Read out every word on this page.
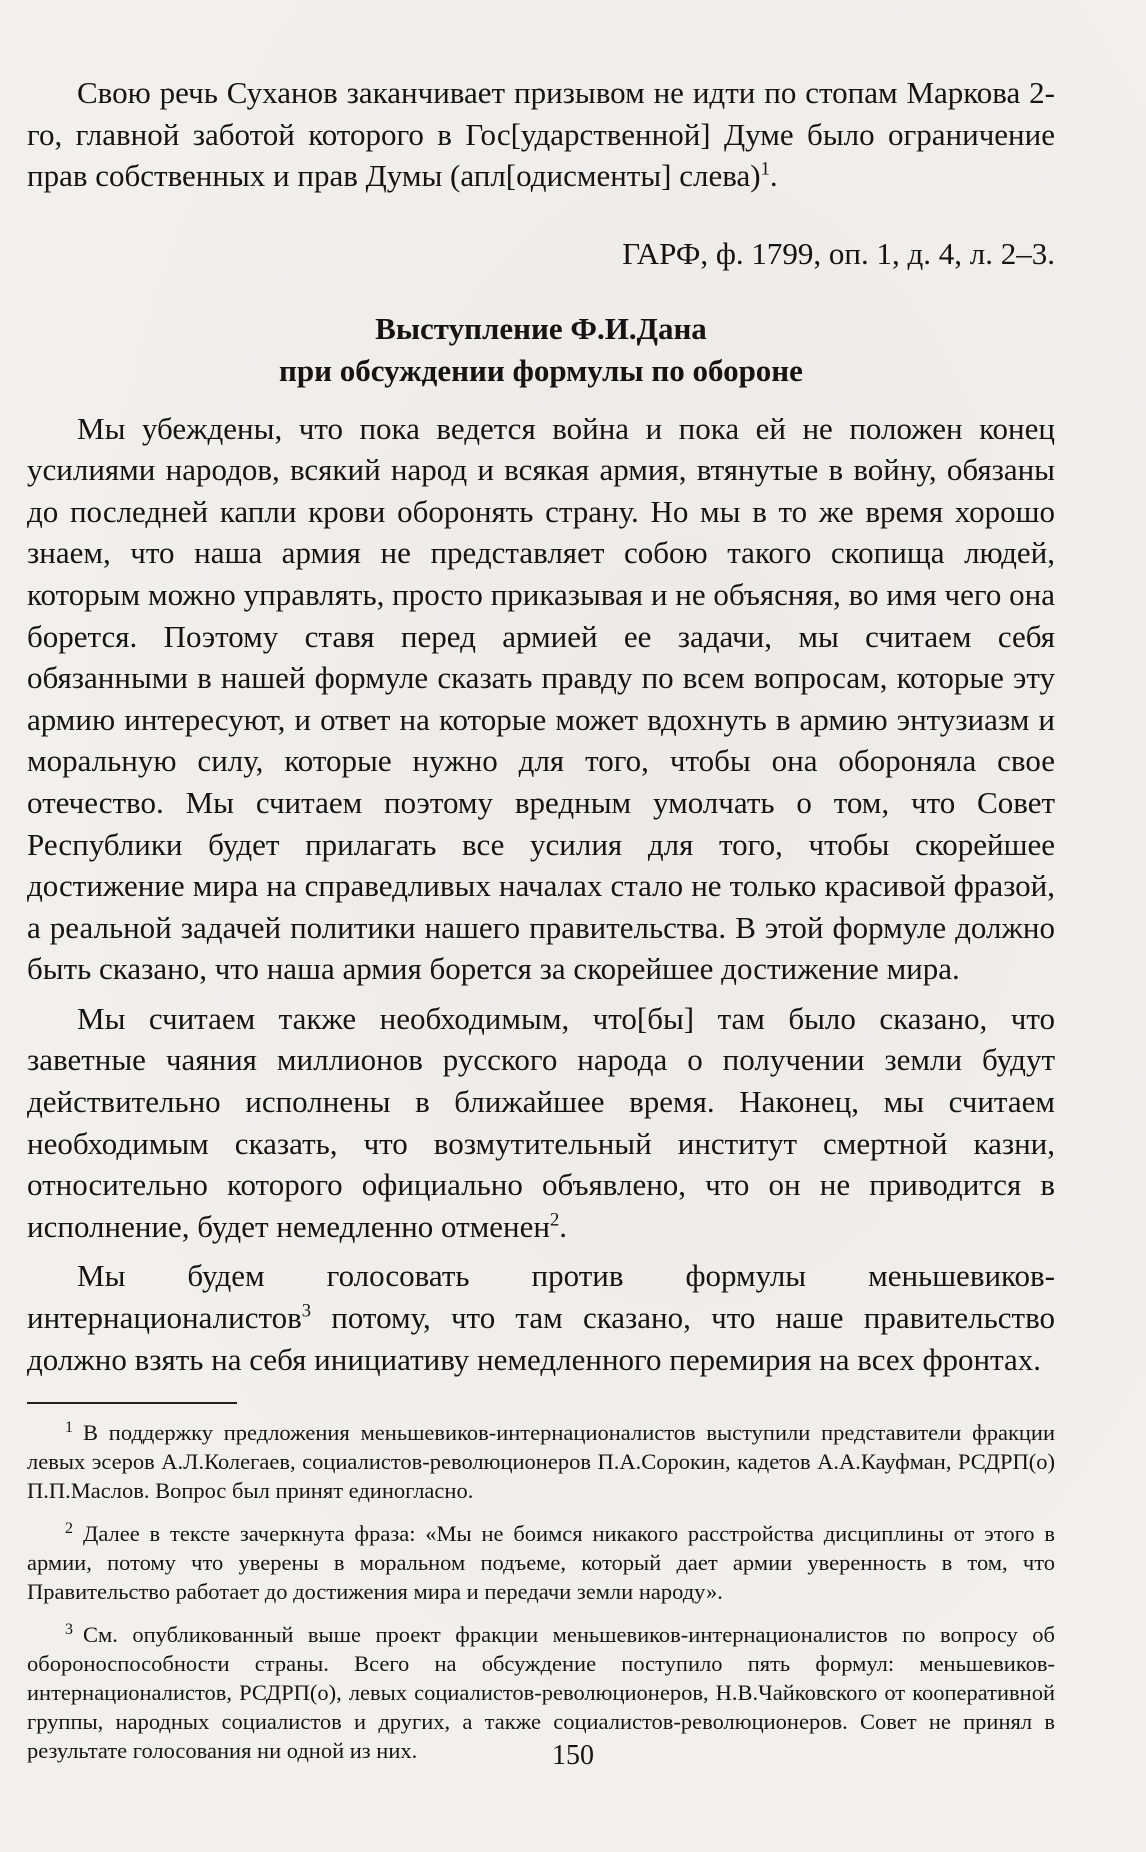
Свою речь Суханов заканчивает призывом не идти по стопам Маркова 2-го, главной заботой которого в Гос[ударственной] Думе было ограничение прав собственных и прав Думы (апл[одисменты] слева)$^1$.

ГАРФ, ф. 1799, оп. 1, д. 4, л. 2–3.

Выступление Ф.И.Дана
при обсуждении формулы по обороне

Мы убеждены, что пока ведется война и пока ей не положен конец усилиями народов, всякий народ и всякая армия, втянутые в войну, обязаны до последней капли крови оборонять страну. Но мы в то же время хорошо знаем, что наша армия не представляет собою такого скопища людей, которым можно управлять, просто приказывая и не объясняя, во имя чего она борется. Поэтому ставя перед армией ее задачи, мы считаем себя обязанными в нашей формуле сказать правду по всем вопросам, которые эту армию интересуют, и ответ на которые может вдохнуть в армию энтузиазм и моральную силу, которые нужно для того, чтобы она обороняла свое отечество. Мы считаем поэтому вредным умолчать о том, что Совет Республики будет прилагать все усилия для того, чтобы скорейшее достижение мира на справедливых началах стало не только красивой фразой, а реальной задачей политики нашего правительства. В этой формуле должно быть сказано, что наша армия борется за скорейшее достижение мира.

Мы считаем также необходимым, что[бы] там было сказано, что заветные чаяния миллионов русского народа о получении земли будут действительно исполнены в ближайшее время. Наконец, мы считаем необходимым сказать, что возмутительный институт смертной казни, относительно которого официально объявлено, что он не приводится в исполнение, будет немедленно отменен$^2$.

Мы будем голосовать против формулы меньшевиков-интернационалистов$^3$ потому, что там сказано, что наше правительство должно взять на себя инициативу немедленного перемирия на всех фронтах.

$^1$ В поддержку предложения меньшевиков-интернационалистов выступили представители фракции левых эсеров А.Л.Колегаев, социалистов-революционеров П.А.Сорокин, кадетов А.А.Кауфман, РСДРП(о) П.П.Маслов. Вопрос был принят единогласно.

$^2$ Далее в тексте зачеркнута фраза: «Мы не боимся никакого расстройства дисциплины от этого в армии, потому что уверены в моральном подъеме, который дает армии уверенность в том, что Правительство работает до достижения мира и передачи земли народу».

$^3$ См. опубликованный выше проект фракции меньшевиков-интернационалистов по вопросу об обороноспособности страны. Всего на обсуждение поступило пять формул: меньшевиков-интернационалистов, РСДРП(о), левых социалистов-революционеров, Н.В.Чайковского от кооперативной группы, народных социалистов и других, а также социалистов-революционеров. Совет не принял в результате голосования ни одной из них.	150
